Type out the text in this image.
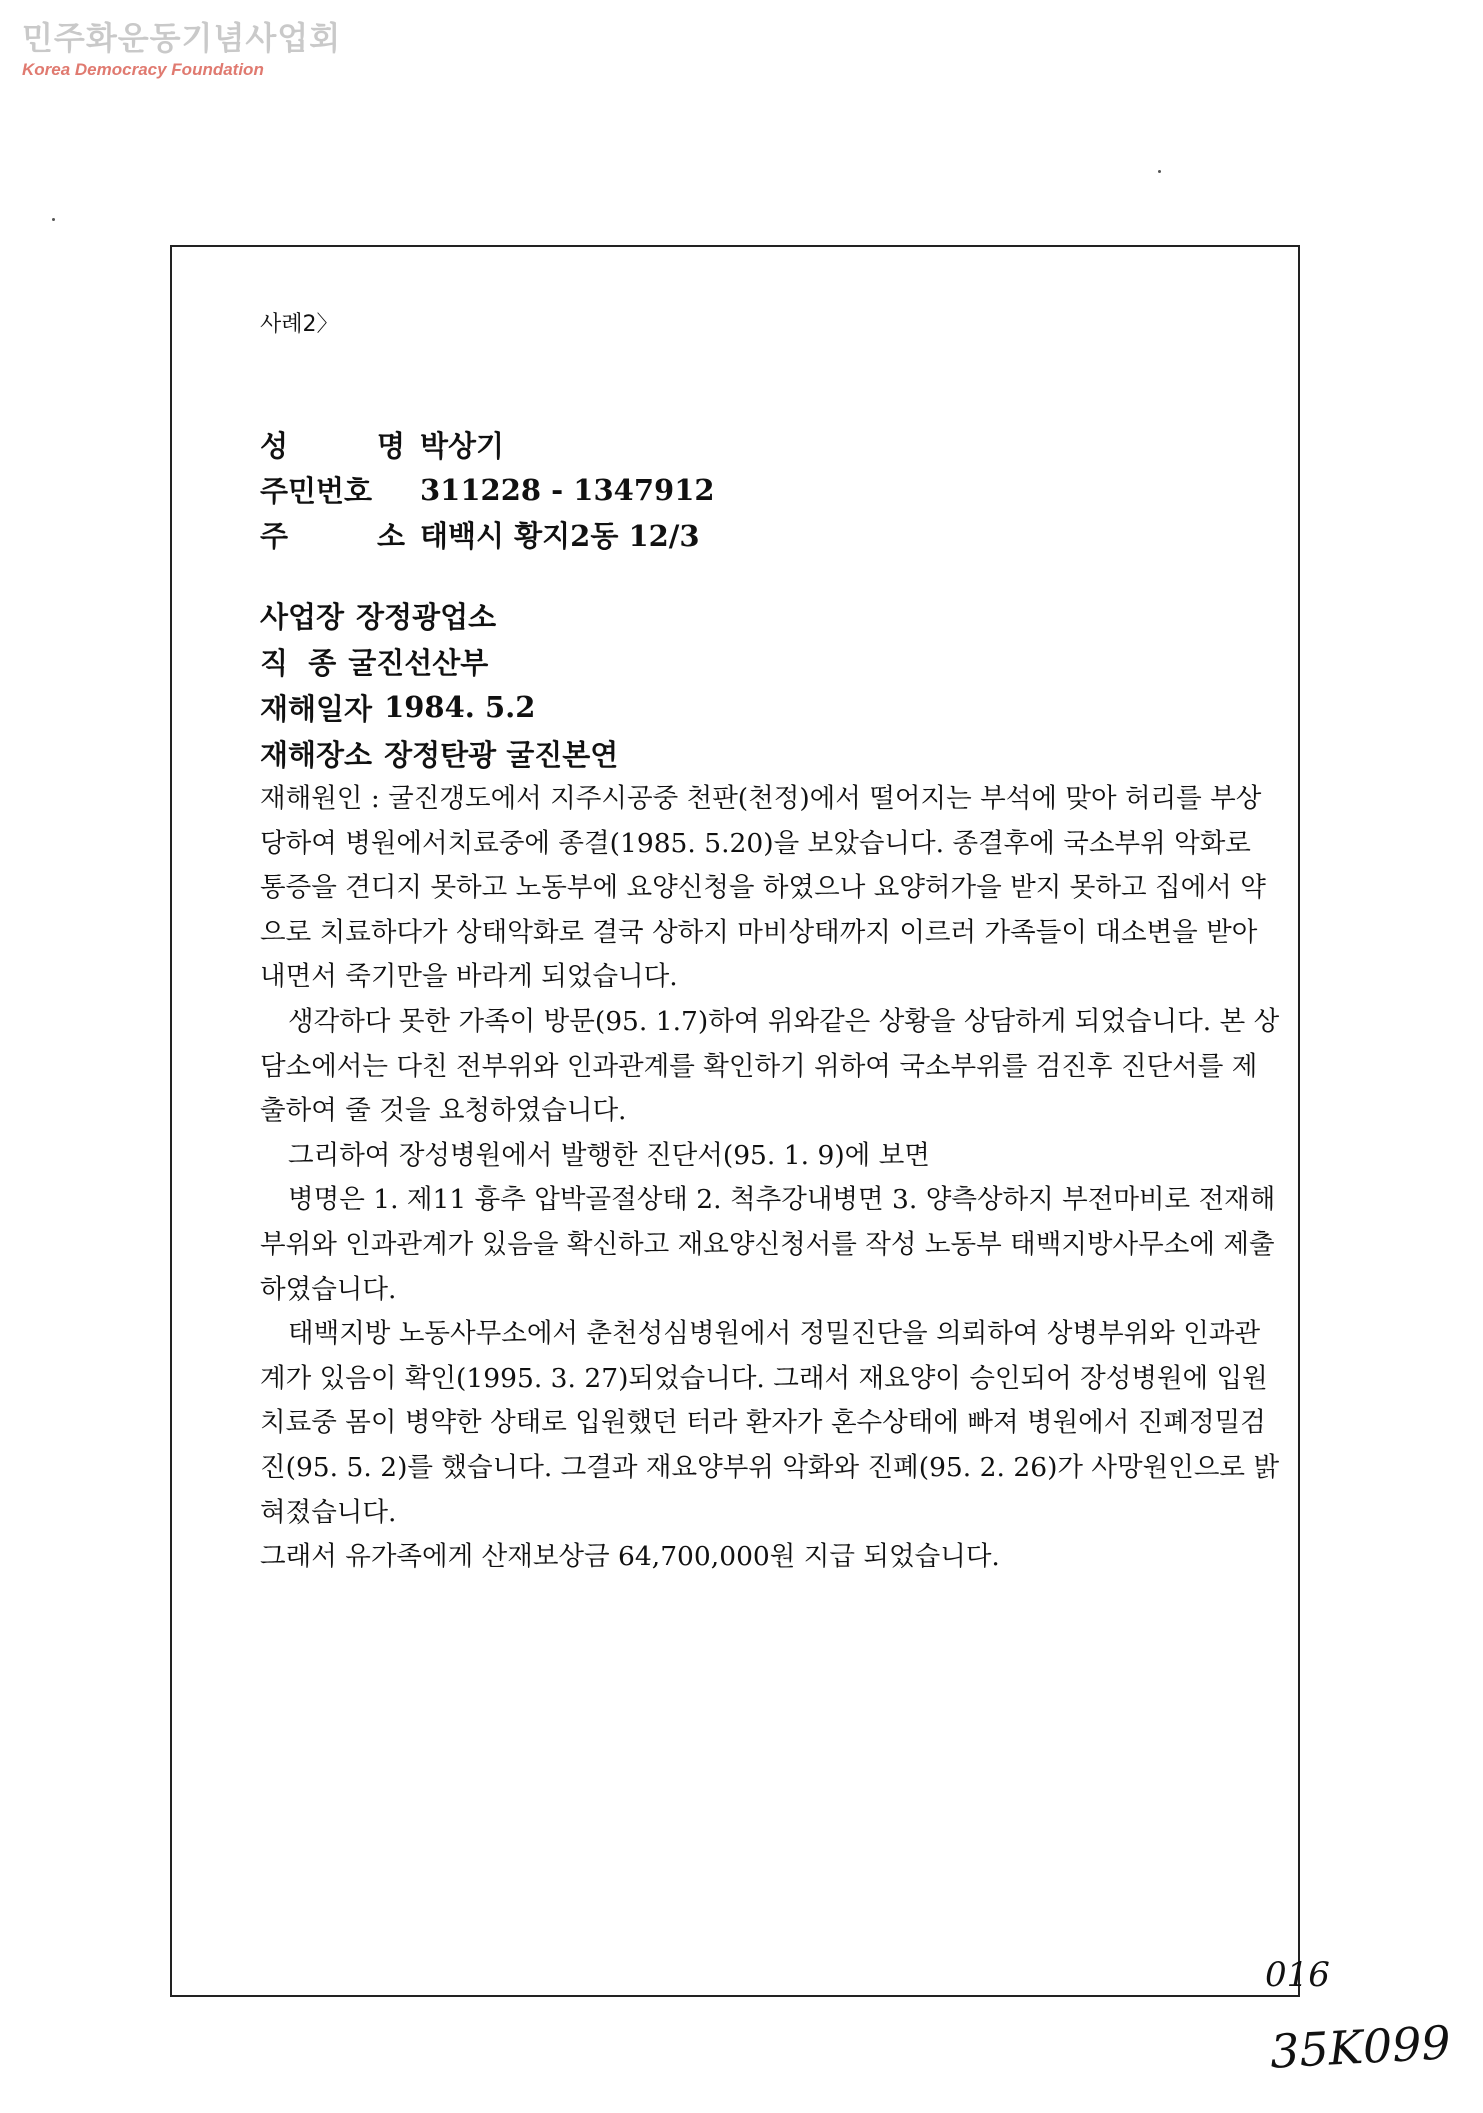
민주화운동기념사업회
Korea Democracy Foundation
사례2〉
성	명 박상기
주민번호 311228 - 1347912
주	소 태백시 황지2동 12/3
사업장 장정광업소
직  종 굴진선산부
재해일자 1984. 5.2
재해장소 장정탄광 굴진본연

재해원인 : 굴진갱도에서 지주시공중 천판(천정)에서 떨어지는 부석에 맞아 허리를 부상당하여 병원에서치료중에 종결(1985. 5.20)을 보았습니다. 종결후에 국소부위 악화로 통증을 견디지 못하고 노동부에 요양신청을 하였으나 요양허가을 받지 못하고 집에서 약으로 치료하다가 상태악화로 결국 상하지 마비상태까지 이르러 가족들이 대소변을 받아내면서 죽기만을 바라게 되었습니다.

생각하다 못한 가족이 방문(95. 1.7)하여 위와같은 상황을 상담하게 되었습니다. 본 상담소에서는 다친 전부위와 인과관계를 확인하기 위하여 국소부위를 검진후 진단서를 제출하여 줄 것을 요청하였습니다.

그리하여 장성병원에서 발행한 진단서(95. 1. 9)에 보면

병명은 1. 제11 흉추 압박골절상태 2. 척추강내병면 3. 양측상하지 부전마비로 전재해부위와 인과관계가 있음을 확신하고 재요양신청서를 작성 노동부 태백지방사무소에 제출하였습니다.

태백지방 노동사무소에서 춘천성심병원에서 정밀진단을 의뢰하여 상병부위와 인과관계가 있음이 확인(1995. 3. 27)되었습니다. 그래서 재요양이 승인되어 장성병원에 입원치료중 몸이 병약한 상태로 입원했던 터라 환자가 혼수상태에 빠져 병원에서 진폐정밀검진(95. 5. 2)를 했습니다. 그결과 재요양부위 악화와 진폐(95. 2. 26)가 사망원인으로 밝혀졌습니다.

그래서 유가족에게 산재보상금 64,700,000원 지급 되었습니다.

016
35K099
